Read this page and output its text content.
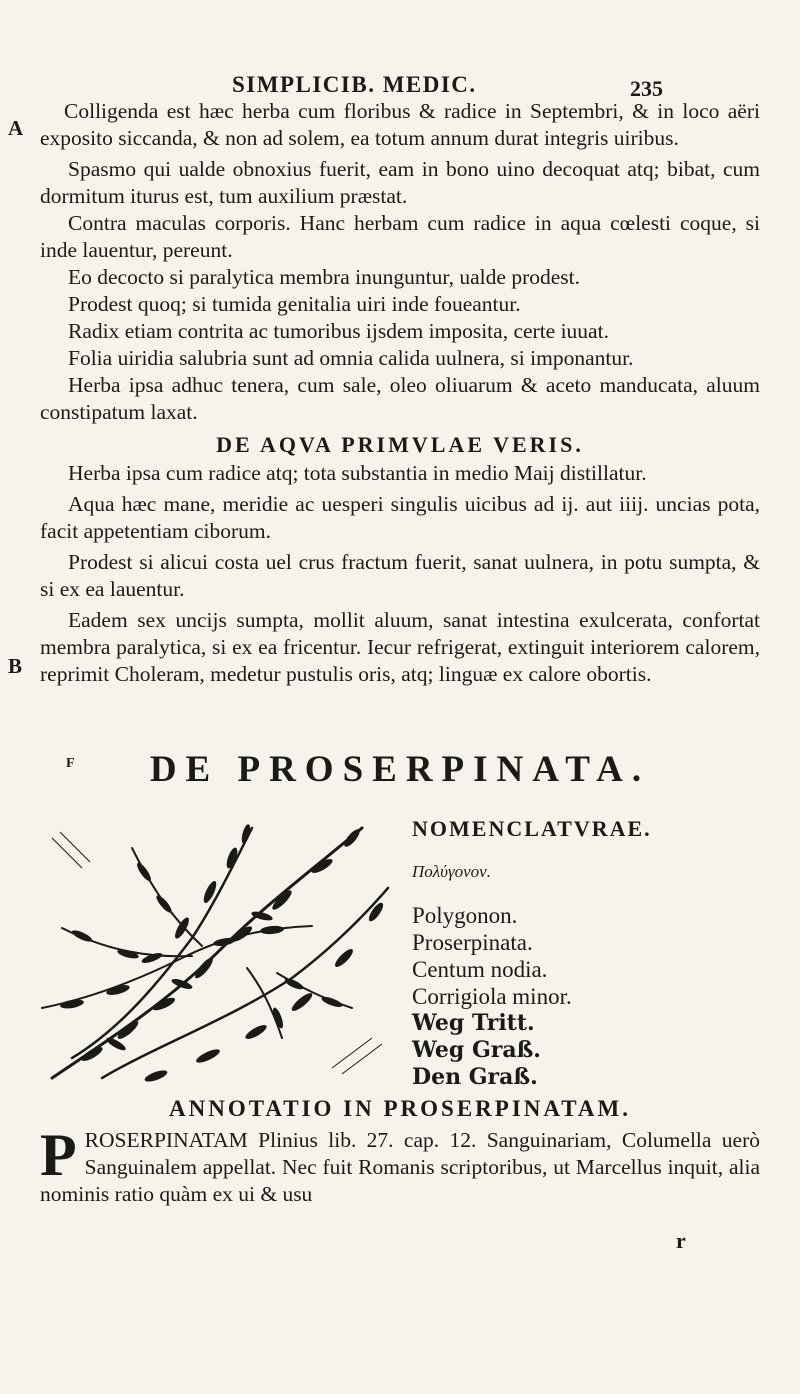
SIMPLICIB. MEDIC.	235
A
B

Colligenda est hæc herba cum floribus & radice in Septembri, & in loco aëri exposito siccanda, & non ad solem, ea totum annum durat integris uiribus.

Spasmo qui ualde obnoxius fuerit, eam in bono uino decoquat atq; bibat, cum dormitum iturus est, tum auxilium præstat.

Contra maculas corporis. Hanc herbam cum radice in aqua cœlesti coque, si inde lauentur, pereunt.

Eo decocto si paralytica membra inunguntur, ualde prodest.

Prodest quoq; si tumida genitalia uiri inde foueantur.

Radix etiam contrita ac tumoribus ijsdem imposita, certe iuuat.

Folia uiridia salubria sunt ad omnia calida uulnera, si imponantur.

Herba ipsa adhuc tenera, cum sale, oleo oliuarum & aceto manducata, aluum constipatum laxat.

DE AQVA PRIMVLAE VERIS.

Herba ipsa cum radice atq; tota substantia in medio Maij distillatur.

Aqua hæc mane, meridie ac uesperi singulis uicibus ad ij. aut iiij. uncias pota, facit appetentiam ciborum.

Prodest si alicui costa uel crus fractum fuerit, sanat uulnera, in potu sumpta, & si ex ea lauentur.

Eadem sex uncijs sumpta, mollit aluum, sanat intestina exulcerata, confortat membra paralytica, si ex ea fricentur. Iecur refrigerat, extinguit interiorem calorem, reprimit Choleram, medetur pustulis oris, atq; linguæ ex calore obortis.

F DE PROSERPINATA.

NOMENCLATVRAE.

Πολύγονον.

Polygonon.

Proserpinata.

Centum nodia.

Corrigiola minor.

Weg Tritt.

Weg Graß.

Den Graß.

ANNOTATIO IN PROSERPINATAM.
P ROSERPINATAM Plinius lib. 27. cap. 12. Sanguinariam, Columella uerò Sanguinalem appellat. Nec fuit Romanis scriptoribus, ut Marcellus inquit, alia nominis ratio quàm ex ui & usu

r
